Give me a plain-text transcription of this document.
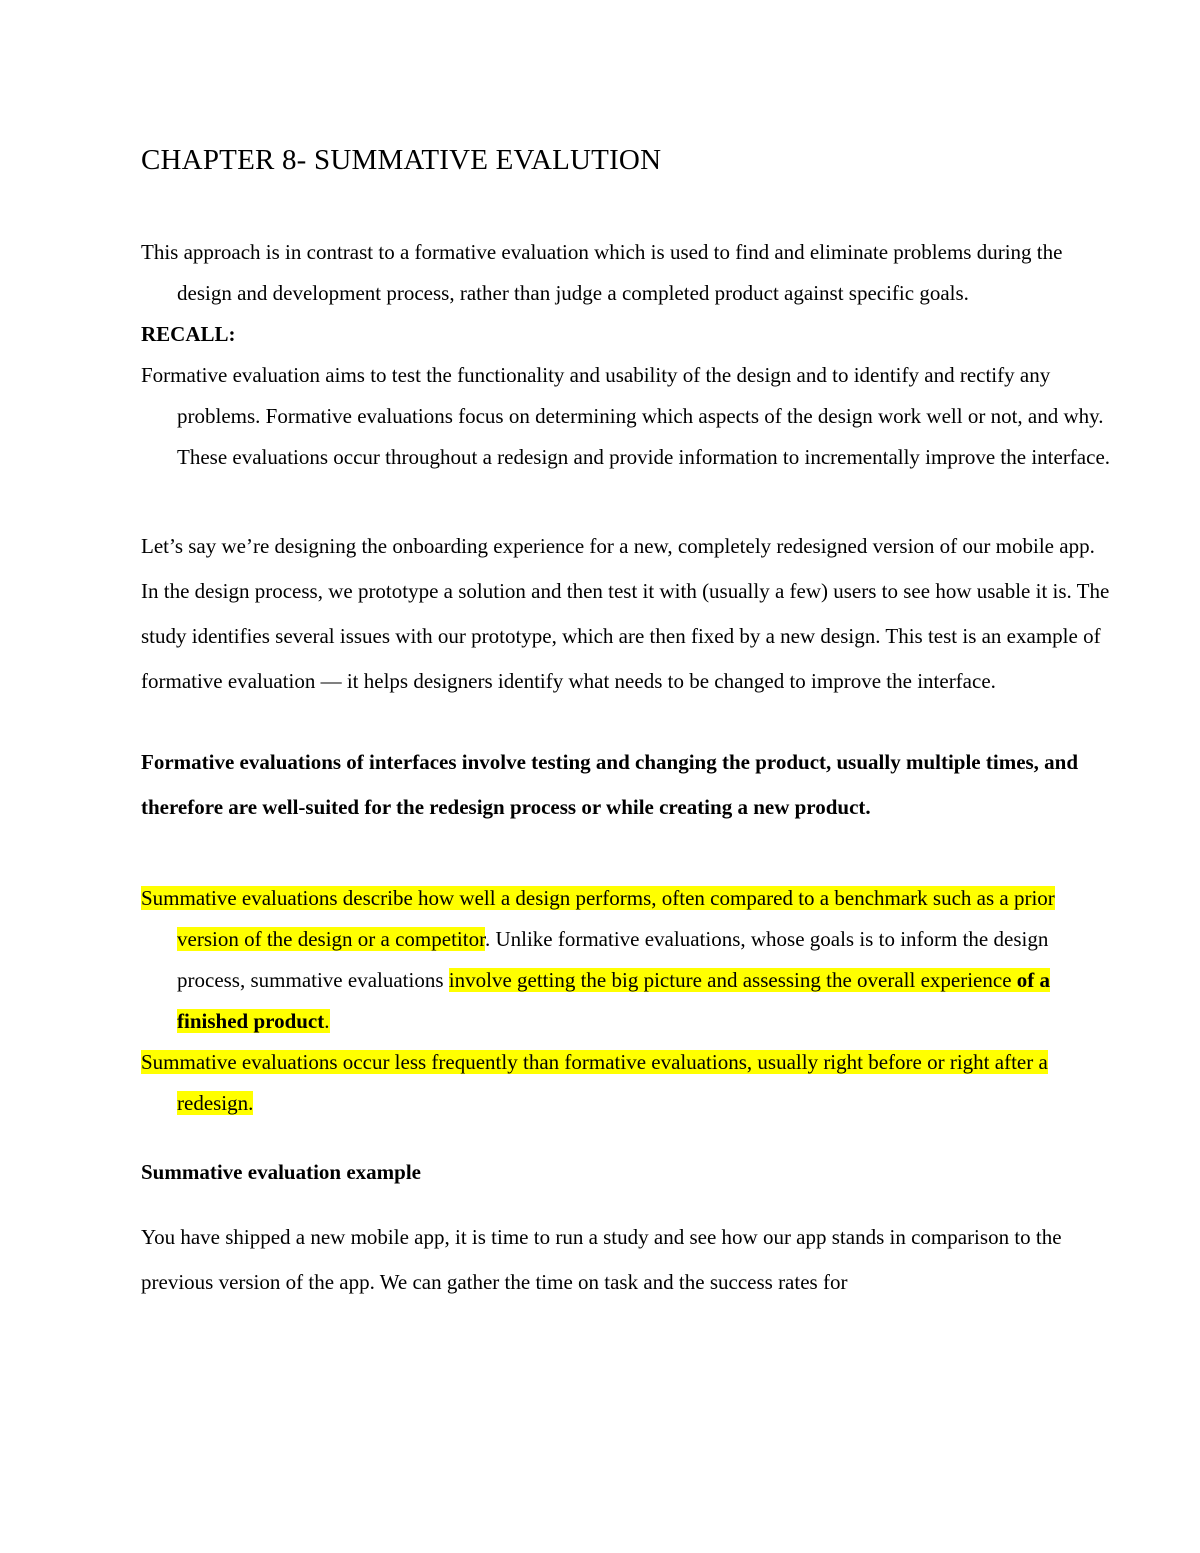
CHAPTER 8- SUMMATIVE EVALUTION

This approach is in contrast to a formative evaluation which is used to find and eliminate problems during the design and development process, rather than judge a completed product against specific goals.

RECALL:

Formative evaluation aims to test the functionality and usability of the design and to identify and rectify any problems. Formative evaluations focus on determining which aspects of the design work well or not, and why. These evaluations occur throughout a redesign and provide information to incrementally improve the interface.

Let’s say we’re designing the onboarding experience for a new, completely redesigned version of our mobile app. In the design process, we prototype a solution and then test it with (usually a few) users to see how usable it is. The study identifies several issues with our prototype, which are then fixed by a new design. This test is an example of formative evaluation — it helps designers identify what needs to be changed to improve the interface.

Formative evaluations of interfaces involve testing and changing the product, usually multiple times, and therefore are well-suited for the redesign process or while creating a new product.

Summative evaluations describe how well a design performs, often compared to a benchmark such as a prior version of the design or a competitor. Unlike formative evaluations, whose goals is to inform the design process, summative evaluations involve getting the big picture and assessing the overall experience of a finished product.

Summative evaluations occur less frequently than formative evaluations, usually right before or right after a redesign.

Summative evaluation example

You have shipped a new mobile app, it is time to run a study and see how our app stands in comparison to the previous version of the app. We can gather the time on task and the success rates for
